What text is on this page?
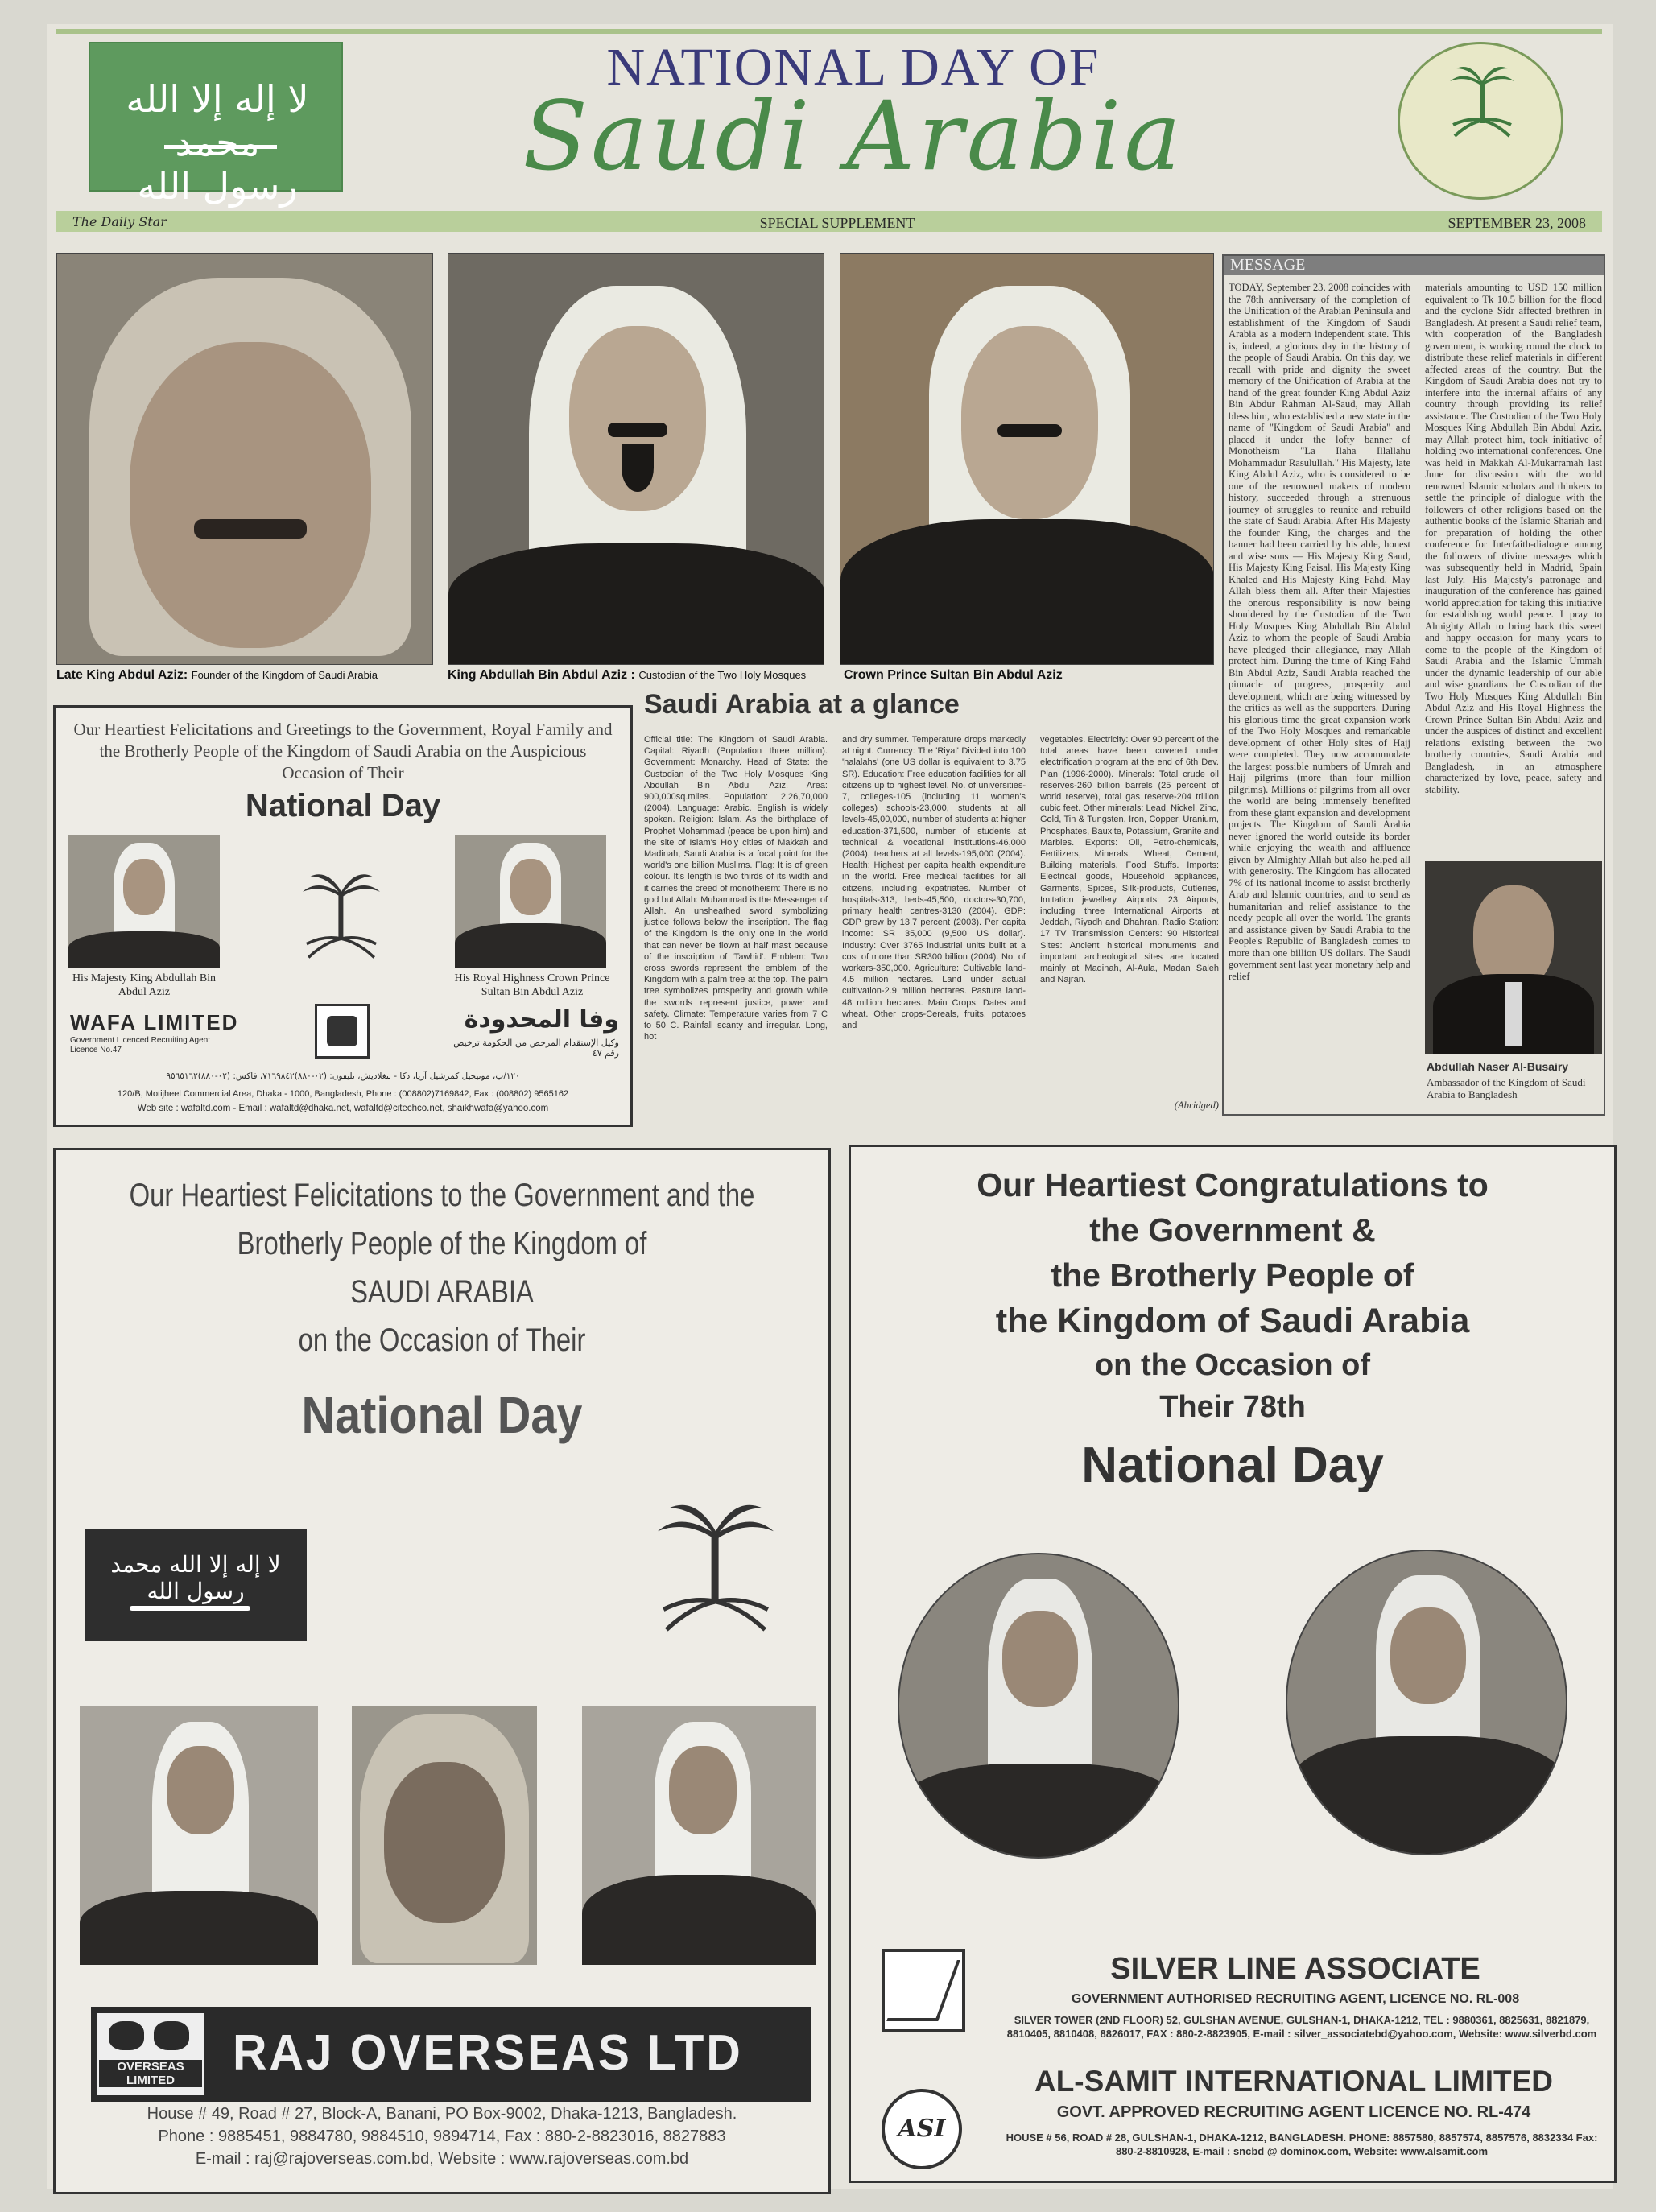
لا إله إلا الله محمد رسول الله
NATIONAL DAY OF
Saudi Arabia
The Daily Star	SPECIAL SUPPLEMENT	SEPTEMBER 23, 2008
Late King Abdul Aziz: Founder of the Kingdom of Saudi Arabia	King Abdullah Bin Abdul Aziz : Custodian of the Two Holy Mosques	Crown Prince Sultan Bin Abdul Aziz
MESSAGE
TODAY, September 23, 2008 coincides with the 78th anniversary of the completion of the Unification of the Arabian Peninsula and establishment of the Kingdom of Saudi Arabia as a modern independent state. This is, indeed, a glorious day in the history of the people of Saudi Arabia. On this day, we recall with pride and dignity the sweet memory of the Unification of Arabia at the hand of the great founder King Abdul Aziz Bin Abdur Rahman Al-Saud, may Allah bless him, who established a new state in the name of "Kingdom of Saudi Arabia" and placed it under the lofty banner of Monotheism "La Ilaha Illallahu Mohammadur Rasulullah." His Majesty, late King Abdul Aziz, who is considered to be one of the renowned makers of modern history, succeeded through a strenuous journey of struggles to reunite and rebuild the state of Saudi Arabia. After His Majesty the founder King, the charges and the banner had been carried by his able, honest and wise sons — His Majesty King Saud, His Majesty King Faisal, His Majesty King Khaled and His Majesty King Fahd. May Allah bless them all. After their Majesties the onerous responsibility is now being shouldered by the Custodian of the Two Holy Mosques King Abdullah Bin Abdul Aziz to whom the people of Saudi Arabia have pledged their allegiance, may Allah protect him. During the time of King Fahd Bin Abdul Aziz, Saudi Arabia reached the pinnacle of progress, prosperity and development, which are being witnessed by the critics as well as the supporters. During his glorious time the great expansion work of the Two Holy Mosques and remarkable development of other Holy sites of Hajj were completed. They now accommodate the largest possible numbers of Umrah and Hajj pilgrims (more than four million pilgrims). Millions of pilgrims from all over the world are being immensely benefited from these giant expansion and development projects. The Kingdom of Saudi Arabia never ignored the world outside its border while enjoying the wealth and affluence given by Almighty Allah but also helped all with generosity. The Kingdom has allocated 7% of its national income to assist brotherly Arab and Islamic countries, and to send as humanitarian and relief assistance to the needy people all over the world. The grants and assistance given by Saudi Arabia to the People's Republic of Bangladesh comes to more than one billion US dollars. The Saudi government sent last year monetary help and relief
materials amounting to USD 150 million equivalent to Tk 10.5 billion for the flood and the cyclone Sidr affected brethren in Bangladesh. At present a Saudi relief team, with cooperation of the Bangladesh government, is working round the clock to distribute these relief materials in different affected areas of the country. But the Kingdom of Saudi Arabia does not try to interfere into the internal affairs of any country through providing its relief assistance. The Custodian of the Two Holy Mosques King Abdullah Bin Abdul Aziz, may Allah protect him, took initiative of holding two international conferences. One was held in Makkah Al-Mukarramah last June for discussion with the world renowned Islamic scholars and thinkers to settle the principle of dialogue with the followers of other religions based on the authentic books of the Islamic Shariah and for preparation of holding the other conference for Interfaith-dialogue among the followers of divine messages which was subsequently held in Madrid, Spain last July. His Majesty's patronage and inauguration of the conference has gained world appreciation for taking this initiative for establishing world peace. I pray to Almighty Allah to bring back this sweet and happy occasion for many years to come to the people of the Kingdom of Saudi Arabia and the Islamic Ummah under the dynamic leadership of our able and wise guardians the Custodian of the Two Holy Mosques King Abdullah Bin Abdul Aziz and His Royal Highness the Crown Prince Sultan Bin Abdul Aziz and under the auspices of distinct and excellent relations existing between the two brotherly countries, Saudi Arabia and Bangladesh, in an atmosphere characterized by love, peace, safety and stability.
Abdullah Naser Al-Busairy
Ambassador of the Kingdom of Saudi Arabia to Bangladesh
Saudi Arabia at a glance
Official title: The Kingdom of Saudi Arabia. Capital: Riyadh (Population three million). Government: Monarchy. Head of State: the Custodian of the Two Holy Mosques King Abdullah Bin Abdul Aziz. Area: 900,000sq.miles. Population: 2,26,70,000 (2004). Language: Arabic. English is widely spoken. Religion: Islam. As the birthplace of Prophet Mohammad (peace be upon him) and the site of Islam's Holy cities of Makkah and Madinah, Saudi Arabia is a focal point for the world's one billion Muslims. Flag: It is of green colour. It's length is two thirds of its width and it carries the creed of monotheism: There is no god but Allah: Muhammad is the Messenger of Allah. An unsheathed sword symbolizing justice follows below the inscription. The flag of the Kingdom is the only one in the world that can never be flown at half mast because of the inscription of 'Tawhid'. Emblem: Two cross swords represent the emblem of the Kingdom with a palm tree at the top. The palm tree symbolizes prosperity and growth while the swords represent justice, power and safety. Climate: Temperature varies from 7 C to 50 C. Rainfall scanty and irregular. Long, hot
and dry summer. Temperature drops markedly at night. Currency: The 'Riyal' Divided into 100 'halalahs' (one US dollar is equivalent to 3.75 SR). Education: Free education facilities for all citizens up to highest level. No. of universities-7, colleges-105 (including 11 women's colleges) schools-23,000, students at all levels-45,00,000, number of students at higher education-371,500, number of students at technical & vocational institutions-46,000 (2004), teachers at all levels-195,000 (2004). Health: Highest per capita health expenditure in the world. Free medical facilities for all citizens, including expatriates. Number of hospitals-313, beds-45,500, doctors-30,700, primary health centres-3130 (2004). GDP: GDP grew by 13.7 percent (2003). Per capita income: SR 35,000 (9,500 US dollar). Industry: Over 3765 industrial units built at a cost of more than SR300 billion (2004). No. of workers-350,000. Agriculture: Cultivable land-4.5 million hectares. Land under actual cultivation-2.9 million hectares. Pasture land-48 million hectares. Main Crops: Dates and wheat. Other crops-Cereals, fruits, potatoes and
vegetables. Electricity: Over 90 percent of the total areas have been covered under electrification program at the end of 6th Dev. Plan (1996-2000). Minerals: Total crude oil reserves-260 billion barrels (25 percent of world reserve), total gas reserve-204 trillion cubic feet. Other minerals: Lead, Nickel, Zinc, Gold, Tin & Tungsten, Iron, Copper, Uranium, Phosphates, Bauxite, Potassium, Granite and Marbles. Exports: Oil, Petro-chemicals, Fertilizers, Minerals, Wheat, Cement, Building materials, Food Stuffs. Imports: Electrical goods, Household appliances, Garments, Spices, Silk-products, Cutleries, Imitation jewellery. Airports: 23 Airports, including three International Airports at Jeddah, Riyadh and Dhahran. Radio Station: 17 TV Transmission Centers: 90 Historical Sites: Ancient historical monuments and important archeological sites are located mainly at Madinah, Al-Aula, Madan Saleh and Najran.
(Abridged)
Our Heartiest Felicitations and Greetings to the Government, Royal Family and the Brotherly People of the Kingdom of Saudi Arabia on the Auspicious Occasion of Their
National Day
His Majesty King Abdullah Bin Abdul Aziz
His Royal Highness Crown Prince Sultan Bin Abdul Aziz
WAFA LIMITED
Government Licenced Recruiting Agent Licence No.47
وفا المحدودة
وكيل الإستقدام المرخص من الحكومة ترخيص رقم ٤٧
١٢٠/ب، موتيجيل كمرشيل آريا، دكا - بنغلاديش، تليفون: (٠٢-٨٨٠)٧١٦٩٨٤٢، فاكس: (٠٢-٨٨٠)٩٥٦٥١٦٢
120/B, Motijheel Commercial Area, Dhaka - 1000, Bangladesh, Phone : (008802)7169842, Fax : (008802) 9565162
Web site : wafaltd.com - Email : wafaltd@dhaka.net, wafaltd@citechco.net, shaikhwafa@yahoo.com
Our Heartiest Felicitations to the Government and the
Brotherly People of the Kingdom of
SAUDI ARABIA
on the Occasion of Their
National Day
لا إله إلا الله محمد رسول الله
OVERSEAS LIMITED	RAJ OVERSEAS LTD
House # 49, Road # 27, Block-A, Banani, PO Box-9002, Dhaka-1213, Bangladesh.
Phone : 9885451, 9884780, 9884510, 9894714, Fax : 880-2-8823016, 8827883
E-mail : raj@rajoverseas.com.bd, Website : www.rajoverseas.com.bd
Our Heartiest Congratulations to
the Government &
the Brotherly People of
the Kingdom of Saudi Arabia
on the Occasion of
Their 78th
National Day
SILVER LINE ASSOCIATE
GOVERNMENT AUTHORISED RECRUITING AGENT, LICENCE NO. RL-008
SILVER TOWER (2ND FLOOR) 52, GULSHAN AVENUE, GULSHAN-1, DHAKA-1212, TEL : 9880361, 8825631, 8821879, 8810405, 8810408, 8826017, FAX : 880-2-8823905, E-mail : silver_associatebd@yahoo.com, Website: www.silverbd.com
ASI
AL-SAMIT INTERNATIONAL LIMITED
GOVT. APPROVED RECRUITING AGENT LICENCE NO. RL-474
HOUSE # 56, ROAD # 28, GULSHAN-1, DHAKA-1212, BANGLADESH. PHONE: 8857580, 8857574, 8857576, 8832334 Fax: 880-2-8810928, E-mail : sncbd @ dominox.com, Website: www.alsamit.com
